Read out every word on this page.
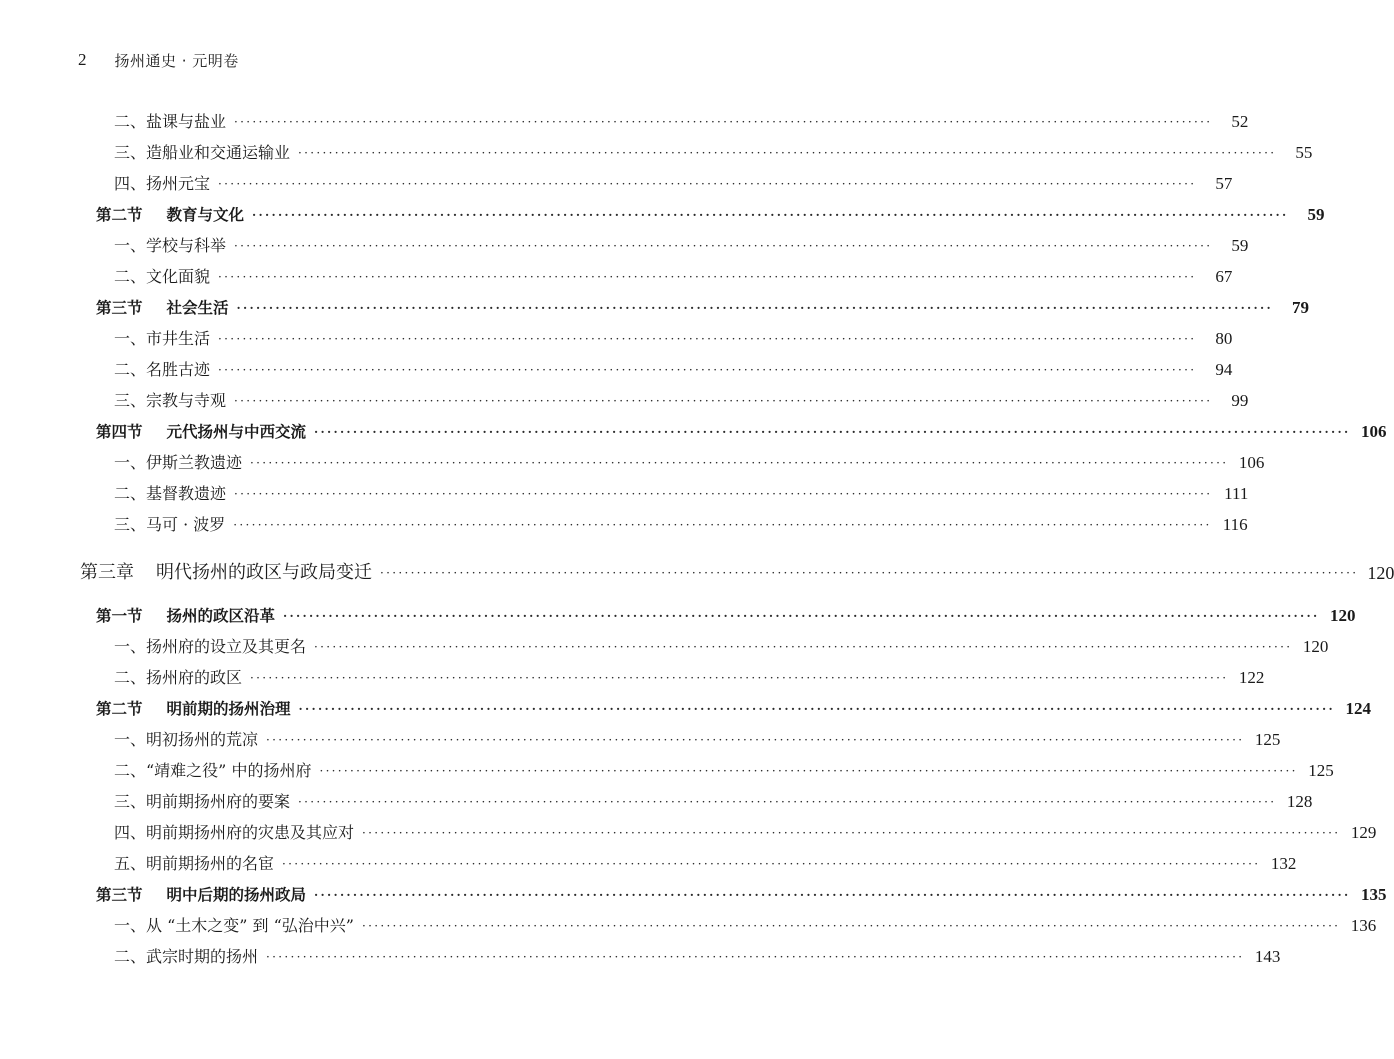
2 扬州通史 · 元明卷
二、盐课与盐业 ································································································································································	52
三、造船业和交通运输业 ································································································································································	55
四、扬州元宝 ································································································································································	57
第二节 教育与文化 ································································································································································	59
一、学校与科举 ································································································································································	59
二、文化面貌 ································································································································································	67
第三节 社会生活 ································································································································································	79
一、市井生活 ································································································································································	80
二、名胜古迹 ································································································································································	94
三、宗教与寺观 ································································································································································	99
第四节 元代扬州与中西交流 ································································································································································ 106
一、伊斯兰教遗迹 ································································································································································ 106
二、基督教遗迹 ································································································································································ 111
三、马可 · 波罗 ································································································································································ 116
第三章 明代扬州的政区与政局变迁 ································································································································································ 120
第一节 扬州的政区沿革 ································································································································································ 120
一、扬州府的设立及其更名 ································································································································································ 120
二、扬州府的政区 ································································································································································ 122
第二节 明前期的扬州治理 ································································································································································ 124
一、明初扬州的荒凉 ································································································································································ 125
二、“靖难之役” 中的扬州府 ································································································································································ 125
三、明前期扬州府的要案 ································································································································································ 128
四、明前期扬州府的灾患及其应对 ································································································································································ 129
五、明前期扬州的名宦 ································································································································································ 132
第三节 明中后期的扬州政局 ································································································································································ 135
一、从 “土木之变” 到 “弘治中兴” ································································································································································ 136
二、武宗时期的扬州 ································································································································································ 143
